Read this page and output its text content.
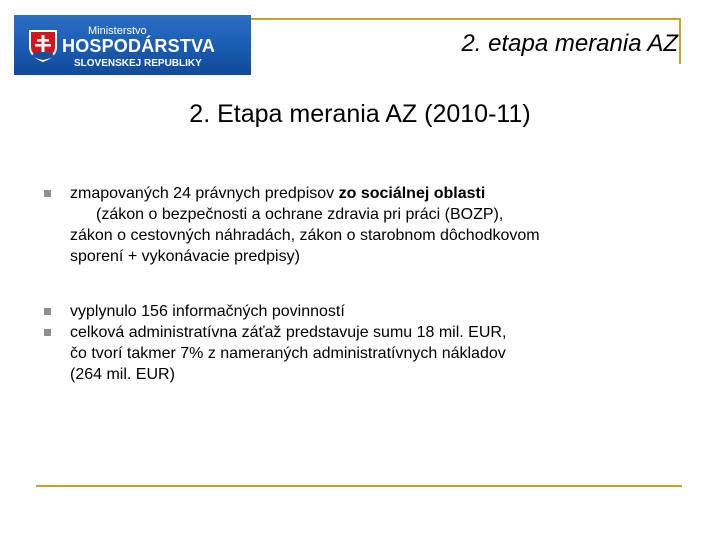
Ministerstvo
HOSPODÁRSTVA
SLOVENSKEJ REPUBLIKY
2. etapa merania AZ
2. Etapa merania AZ (2010-11)
zmapovaných 24 právnych predpisov zo sociálnej oblasti
(zákon o bezpečnosti a ochrane zdravia pri práci (BOZP),
zákon o cestovných náhradách, zákon o starobnom dôchodkovom
sporení + vykonávacie predpisy)
vyplynulo 156 informačných povinností
celková administratívna záťaž predstavuje sumu 18 mil. EUR,
čo tvorí takmer 7% z nameraných administratívnych nákladov
(264 mil. EUR)
